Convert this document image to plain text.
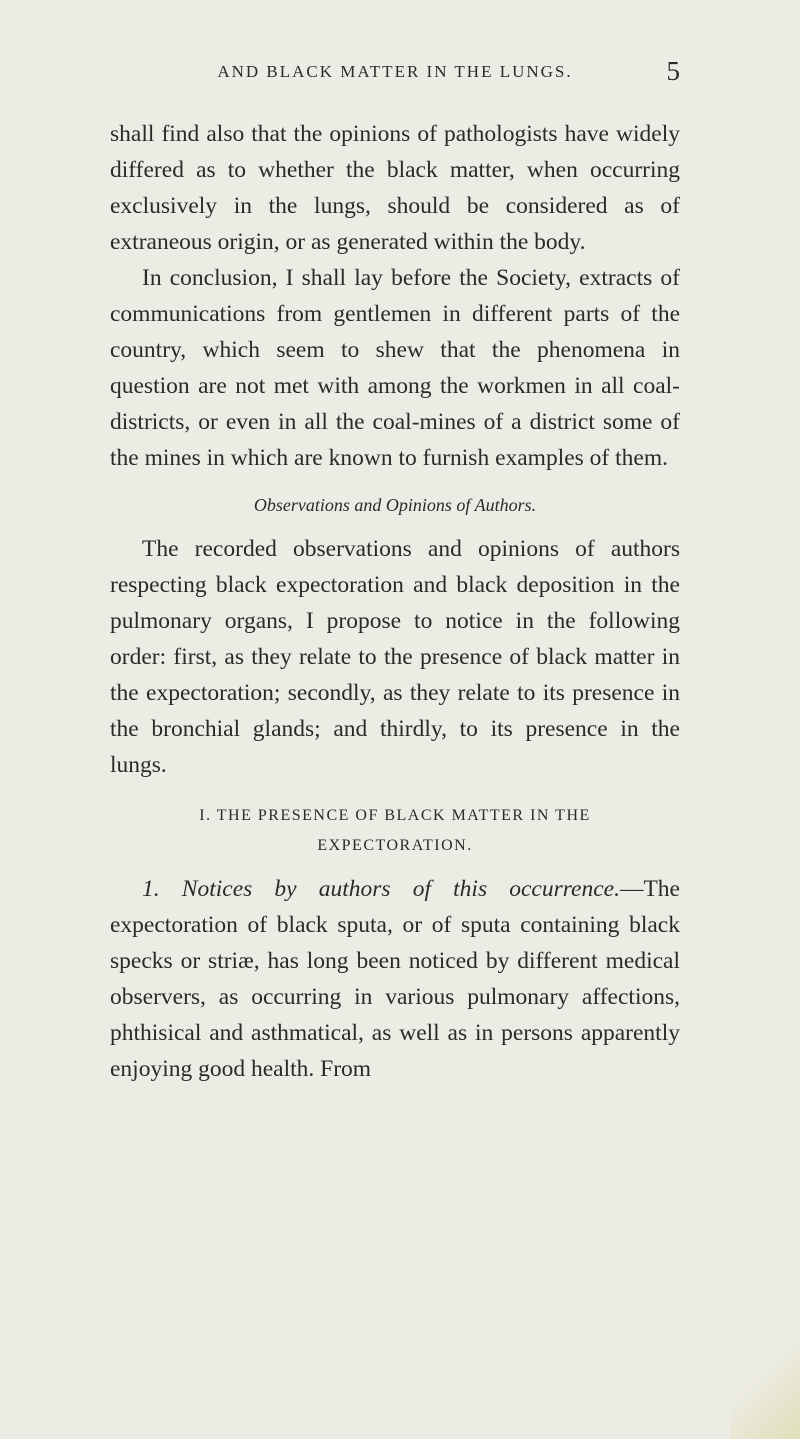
AND BLACK MATTER IN THE LUNGS.	5

shall find also that the opinions of pathologists have widely differed as to whether the black matter, when occurring exclusively in the lungs, should be considered as of extraneous origin, or as generated within the body.

In conclusion, I shall lay before the Society, extracts of communications from gentlemen in different parts of the country, which seem to shew that the phenomena in question are not met with among the workmen in all coal-districts, or even in all the coal-mines of a district some of the mines in which are known to furnish examples of them.

Observations and Opinions of Authors.

The recorded observations and opinions of authors respecting black expectoration and black deposition in the pulmonary organs, I propose to notice in the following order: first, as they relate to the presence of black matter in the expectoration; secondly, as they relate to its presence in the bronchial glands; and thirdly, to its presence in the lungs.

I. THE PRESENCE OF BLACK MATTER IN THE
EXPECTORATION.

1. Notices by authors of this occurrence.—The expectoration of black sputa, or of sputa containing black specks or striæ, has long been noticed by different medical observers, as occurring in various pulmonary affections, phthisical and asthmatical, as well as in persons apparently enjoying good health. From
